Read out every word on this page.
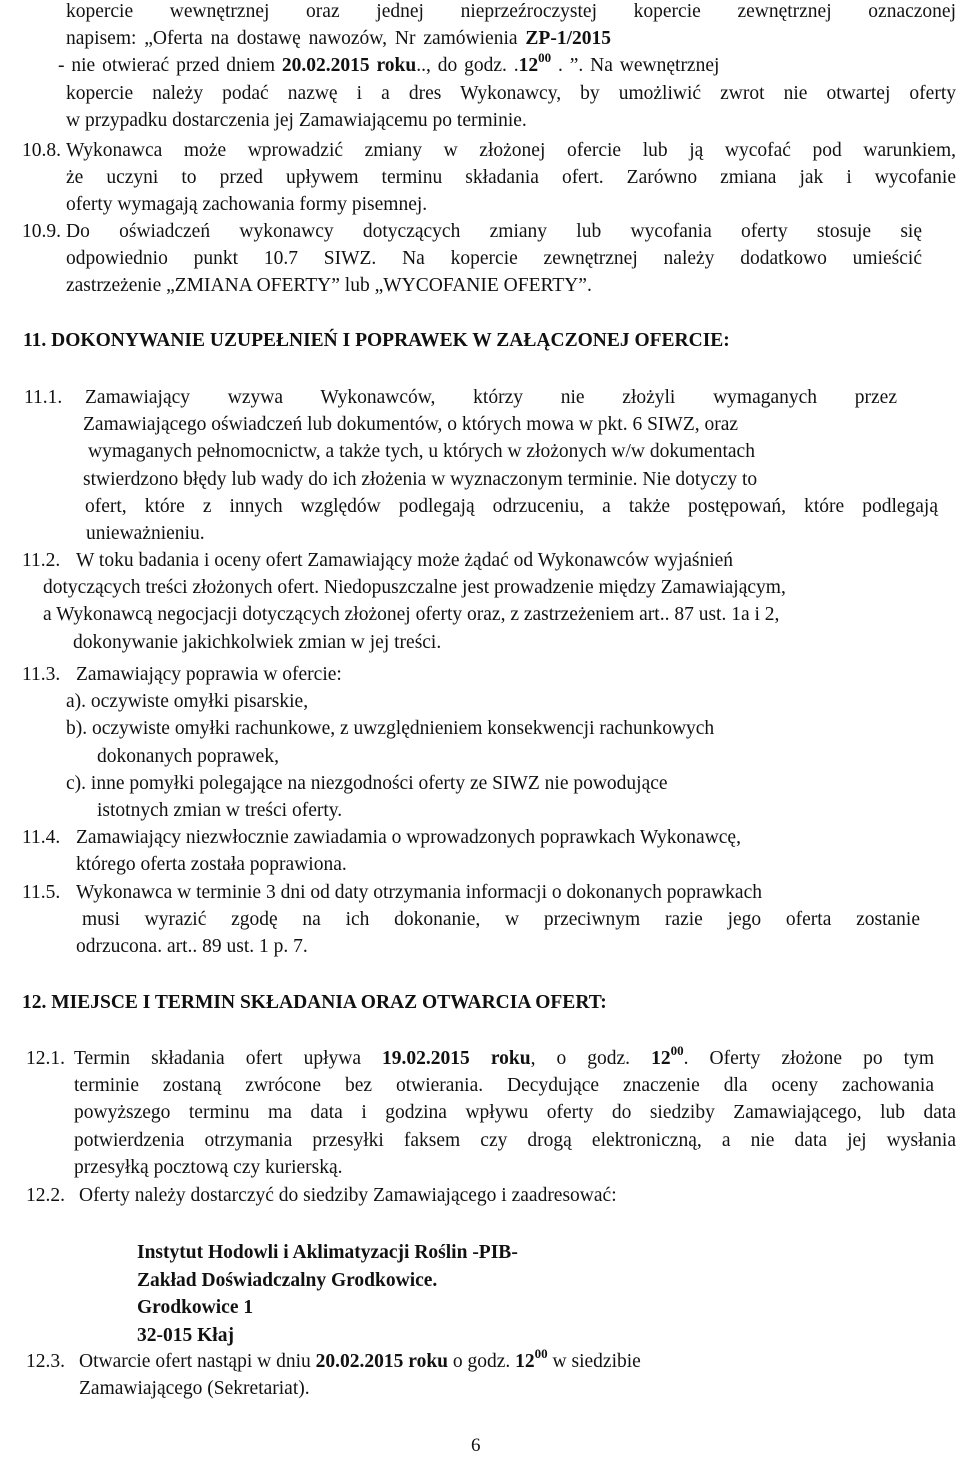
kopercie wewnętrznej oraz jednej nieprzeźroczystej kopercie zewnętrznej oznaczonej
napisem: „Oferta na dostawę nawozów, Nr zamówienia ZP-1/2015
- nie otwierać przed dniem 20.02.2015 roku.., do godz. $.12^{00}$ . ”. Na wewnętrznej
kopercie należy podać nazwę i a dres Wykonawcy, by umożliwić zwrot nie otwartej oferty
w przypadku dostarczenia jej Zamawiającemu po terminie.
10.8. Wykonawca może wprowadzić zmiany w złożonej ofercie lub ją wycofać pod warunkiem,
że uczyni to przed upływem terminu składania ofert. Zarówno zmiana jak i wycofanie
oferty wymagają zachowania formy pisemnej.
10.9. Do oświadczeń wykonawcy dotyczących zmiany lub wycofania oferty stosuje się
odpowiednio punkt 10.7 SIWZ. Na kopercie zewnętrznej należy dodatkowo umieścić
zastrzeżenie „ZMIANA OFERTY” lub „WYCOFANIE OFERTY”.
11. DOKONYWANIE UZUPEŁNIEŃ I POPRAWEK W ZAŁĄCZONEJ OFERCIE:
11.1. Zamawiający wzywa Wykonawców, którzy nie złożyli wymaganych przez
Zamawiającego oświadczeń lub dokumentów, o których mowa w pkt. 6 SIWZ, oraz
wymaganych pełnomocnictw, a także tych, u których w złożonych w/w dokumentach
stwierdzono błędy lub wady do ich złożenia w wyznaczonym terminie. Nie dotyczy to
ofert, które z innych względów podlegają odrzuceniu, a także postępowań, które podlegają
unieważnieniu.
11.2. W toku badania i oceny ofert Zamawiający może żądać od Wykonawców wyjaśnień
dotyczących treści złożonych ofert. Niedopuszczalne jest prowadzenie między Zamawiającym,
a Wykonawcą negocjacji dotyczących złożonej oferty oraz, z zastrzeżeniem art.. 87 ust. 1a i 2,
dokonywanie jakichkolwiek zmian w jej treści.
11.3. Zamawiający poprawia w ofercie:
a). oczywiste omyłki pisarskie,
b). oczywiste omyłki rachunkowe, z uwzględnieniem konsekwencji rachunkowych
dokonanych poprawek,
c). inne pomyłki polegające na niezgodności oferty ze SIWZ nie powodujące
istotnych zmian w treści oferty.
11.4. Zamawiający niezwłocznie zawiadamia o wprowadzonych poprawkach Wykonawcę,
którego oferta została poprawiona.
11.5. Wykonawca w terminie 3 dni od daty otrzymania informacji o dokonanych poprawkach
musi wyrazić zgodę na ich dokonanie, w przeciwnym razie jego oferta zostanie
odrzucona. art.. 89 ust. 1 p. 7.
12. MIEJSCE I TERMIN SKŁADANIA ORAZ OTWARCIA OFERT:
12.1. Termin składania ofert upływa 19.02.2015 roku, o godz. $12^{00}$. Oferty złożone po tym
terminie zostaną zwrócone bez otwierania. Decydujące znaczenie dla oceny zachowania
powyższego terminu ma data i godzina wpływu oferty do siedziby Zamawiającego, lub data
potwierdzenia otrzymania przesyłki faksem czy drogą elektroniczną, a nie data jej wysłania
przesyłką pocztową czy kurierską.
12.2. Oferty należy dostarczyć do siedziby Zamawiającego i zaadresować:
Instytut Hodowli i Aklimatyzacji Roślin -PIB-
Zakład Doświadczalny Grodkowice.
Grodkowice 1
32-015 Kłaj
12.3. Otwarcie ofert nastąpi w dniu 20.02.2015 roku o godz. $12^{00}$ w siedzibie
Zamawiającego (Sekretariat).
6
